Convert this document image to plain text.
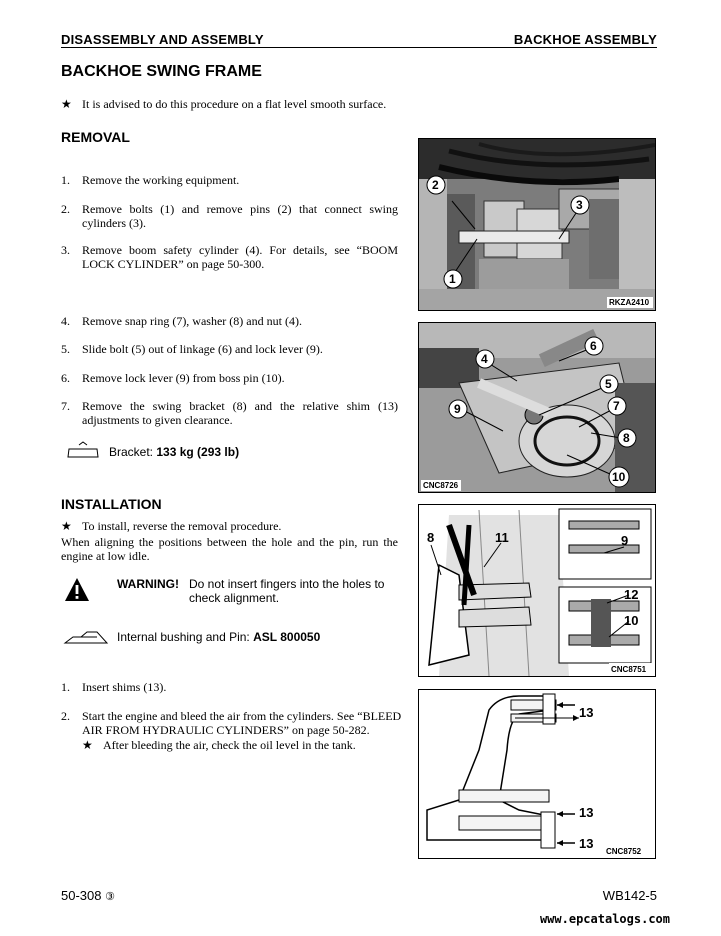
DISASSEMBLY AND ASSEMBLY	BACKHOE ASSEMBLY
BACKHOE SWING FRAME
★ It is advised to do this procedure on a flat level smooth surface.
REMOVAL
1.	Remove the working equipment.
2.	Remove bolts (1) and remove pins (2) that connect swing cylinders (3).
3.	Remove boom safety cylinder (4). For details, see “BOOM LOCK CYLINDER” on page 50-300.
4.	Remove snap ring (7), washer (8) and nut (4).
5.	Slide bolt (5) out of linkage (6) and lock lever (9).
6.	Remove lock lever (9) from boss pin (10).
7.	Remove the swing bracket (8) and the relative shim (13) adjustments to given clearance.
Bracket: 133 kg (293 lb)
INSTALLATION
★ To install, reverse the removal procedure.
When aligning the positions between the hole and the pin, run the engine at low idle.
WARNING! Do not insert fingers into the holes to check alignment.
Internal bushing and Pin: ASL 800050
1.	Insert shims (13).
2.	Start the engine and bleed the air from the cylinders. See “BLEED AIR FROM HYDRAULIC CYLINDERS” on page 50-282.
★ After bleeding the air, check the oil level in the tank.
2
3
1
RKZA2410
6
4
5
7
8
10
9
CNC8726
8	11	9
12
10
CNC8751
13
13
13
CNC8752
50-308 ③	WB142-5
www.epcatalogs.com
